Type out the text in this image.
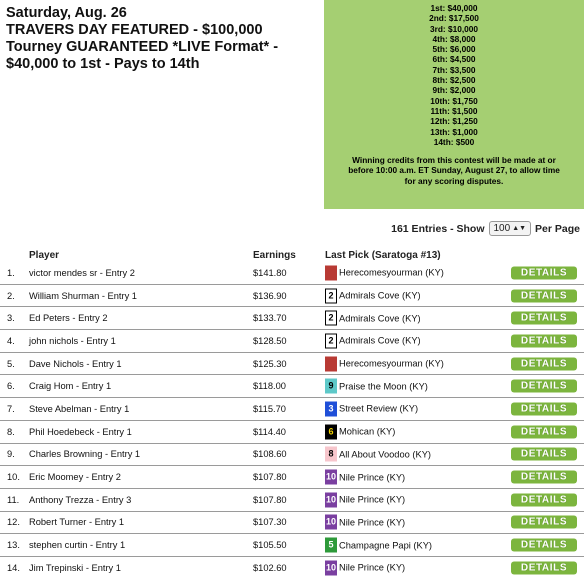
Saturday, Aug. 26
TRAVERS DAY FEATURED - $100,000
Tourney GUARANTEED *LIVE Format* -
$40,000 to 1st - Pays to 14th
1st: $40,000
2nd: $17,500
3rd: $10,000
4th: $8,000
5th: $6,000
6th: $4,500
7th: $3,500
8th: $2,500
9th: $2,000
10th: $1,750
11th: $1,500
12th: $1,250
13th: $1,000
14th: $500
Winning credits from this contest will be made at or before 10:00 a.m. ET Sunday, August 27, to allow time for any scoring disputes.
161 Entries - Show 100 ▲▼ Per Page
Player	Earnings	Last Pick (Saratoga #13)
1. victor mendes sr - Entry 2	$141.80	11 Herecomesyourman (KY)	DETAILS
2. William Shurman - Entry 1	$136.90	2 Admirals Cove (KY)	DETAILS
3. Ed Peters - Entry 2	$133.70	2 Admirals Cove (KY)	DETAILS
4. john nichols - Entry 1	$128.50	2 Admirals Cove (KY)	DETAILS
5. Dave Nichols - Entry 1	$125.30	11 Herecomesyourman (KY)	DETAILS
6. Craig Hom - Entry 1	$118.00	9 Praise the Moon (KY)	DETAILS
7. Steve Abelman - Entry 1	$115.70	3 Street Review (KY)	DETAILS
8. Phil Hoedebeck - Entry 1	$114.40	6 Mohican (KY)	DETAILS
9. Charles Browning - Entry 1	$108.60	8 All About Voodoo (KY)	DETAILS
10. Eric Moomey - Entry 2	$107.80	10 Nile Prince (KY)	DETAILS
11. Anthony Trezza - Entry 3	$107.80	10 Nile Prince (KY)	DETAILS
12. Robert Turner - Entry 1	$107.30	10 Nile Prince (KY)	DETAILS
13. stephen curtin - Entry 1	$105.50	5 Champagne Papi (KY)	DETAILS
14. Jim Trepinski - Entry 1	$102.60	10 Nile Prince (KY)	DETAILS
